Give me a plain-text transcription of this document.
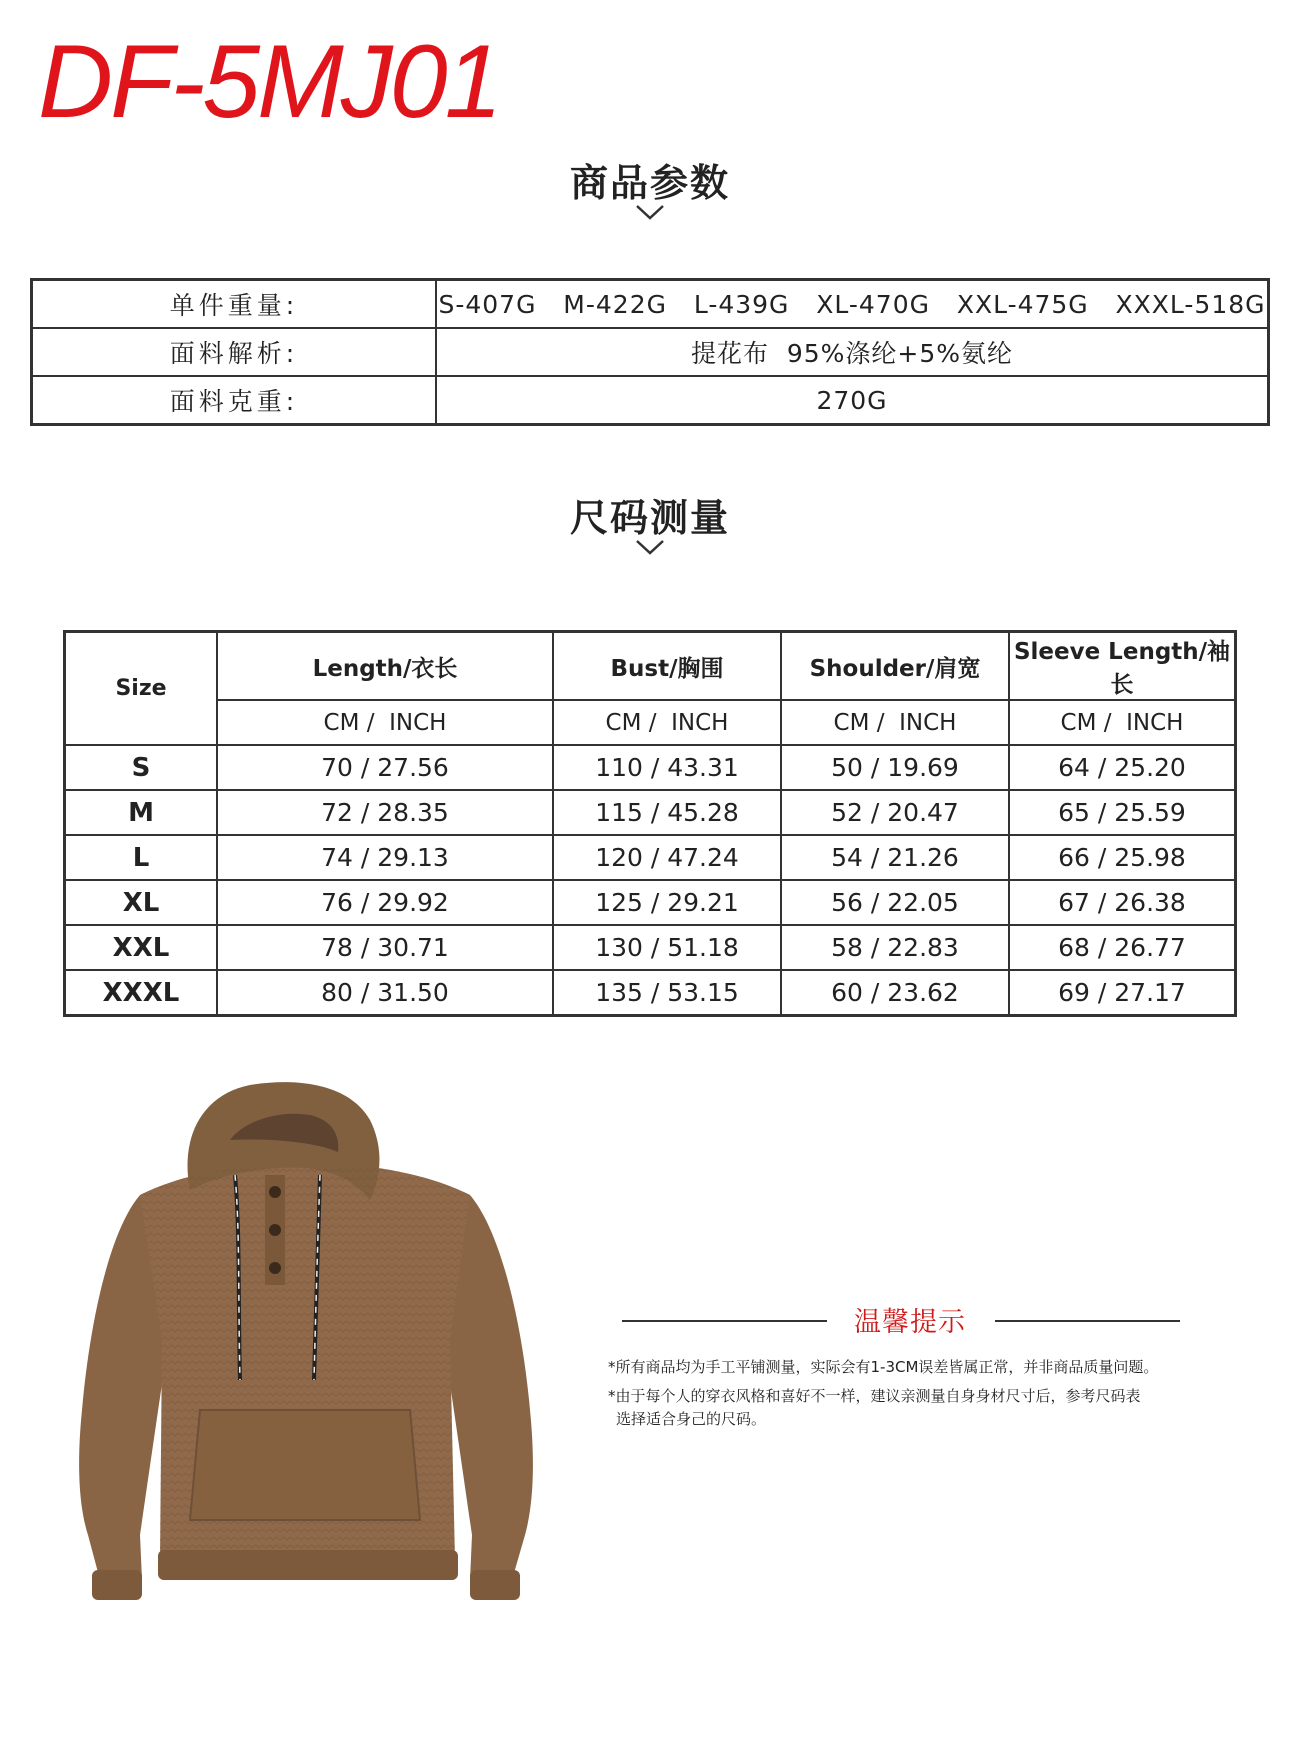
DF-5MJ01
商品参数
单件重量:	S-407G   M-422G   L-439G   XL-470G   XXL-475G   XXXL-518G
面料解析:	提花布  95%涤纶+5%氨纶
面料克重:	270G
尺码测量
Size	Length/衣长	Bust/胸围	Shoulder/肩宽	Sleeve Length/袖长
	CM /  INCH	CM /  INCH	CM /  INCH	CM /  INCH
S	70 / 27.56	110 / 43.31	50 / 19.69	64 / 25.20
M	72 / 28.35	115 / 45.28	52 / 20.47	65 / 25.59
L	74 / 29.13	120 / 47.24	54 / 21.26	66 / 25.98
XL	76 / 29.92	125 / 29.21	56 / 22.05	67 / 26.38
XXL	78 / 30.71	130 / 51.18	58 / 22.83	68 / 26.77
XXXL	80 / 31.50	135 / 53.15	60 / 23.62	69 / 27.17
温馨提示
*所有商品均为手工平铺测量，实际会有1-3CM误差皆属正常，并非商品质量问题。
*由于每个人的穿衣风格和喜好不一样，建议亲测量自身身材尺寸后，参考尺码表
选择适合身己的尺码。
